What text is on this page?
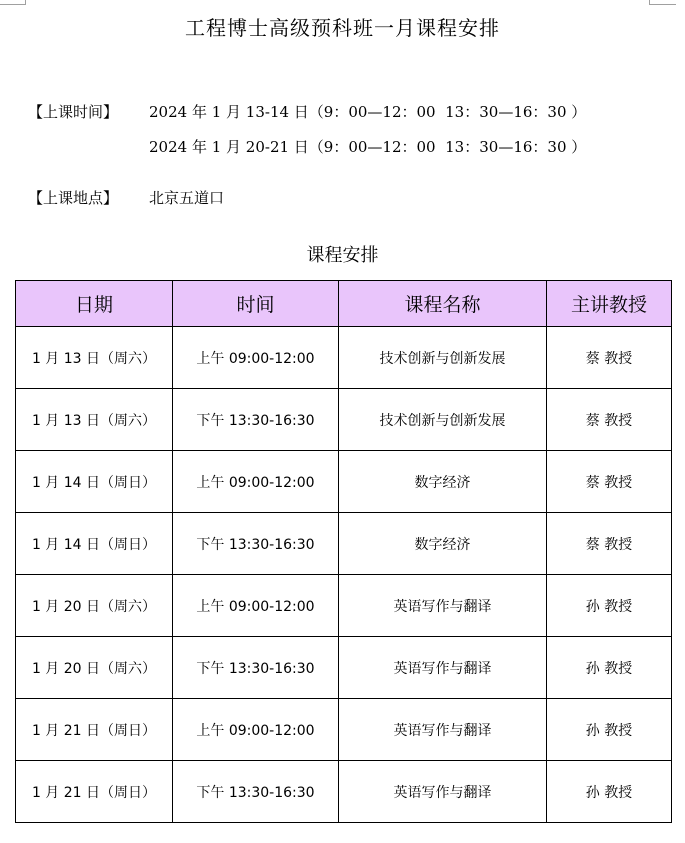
工程博士高级预科班一月课程安排
【上课时间】 2024 年 1 月 13-14 日（9：00—12：00  13：30—16：30 ）
2024 年 1 月 20-21 日（9：00—12：00  13：30—16：30 ）
【上课地点】 北京五道口
课程安排
日期	时间	课程名称	主讲教授
1 月 13 日（周六）	上午 09:00-12:00	技术创新与创新发展	蔡 教授
1 月 13 日（周六）	下午 13:30-16:30	技术创新与创新发展	蔡 教授
1 月 14 日（周日）	上午 09:00-12:00	数字经济	蔡 教授
1 月 14 日（周日）	下午 13:30-16:30	数字经济	蔡 教授
1 月 20 日（周六）	上午 09:00-12:00	英语写作与翻译	孙 教授
1 月 20 日（周六）	下午 13:30-16:30	英语写作与翻译	孙 教授
1 月 21 日（周日）	上午 09:00-12:00	英语写作与翻译	孙 教授
1 月 21 日（周日）	下午 13:30-16:30	英语写作与翻译	孙 教授
